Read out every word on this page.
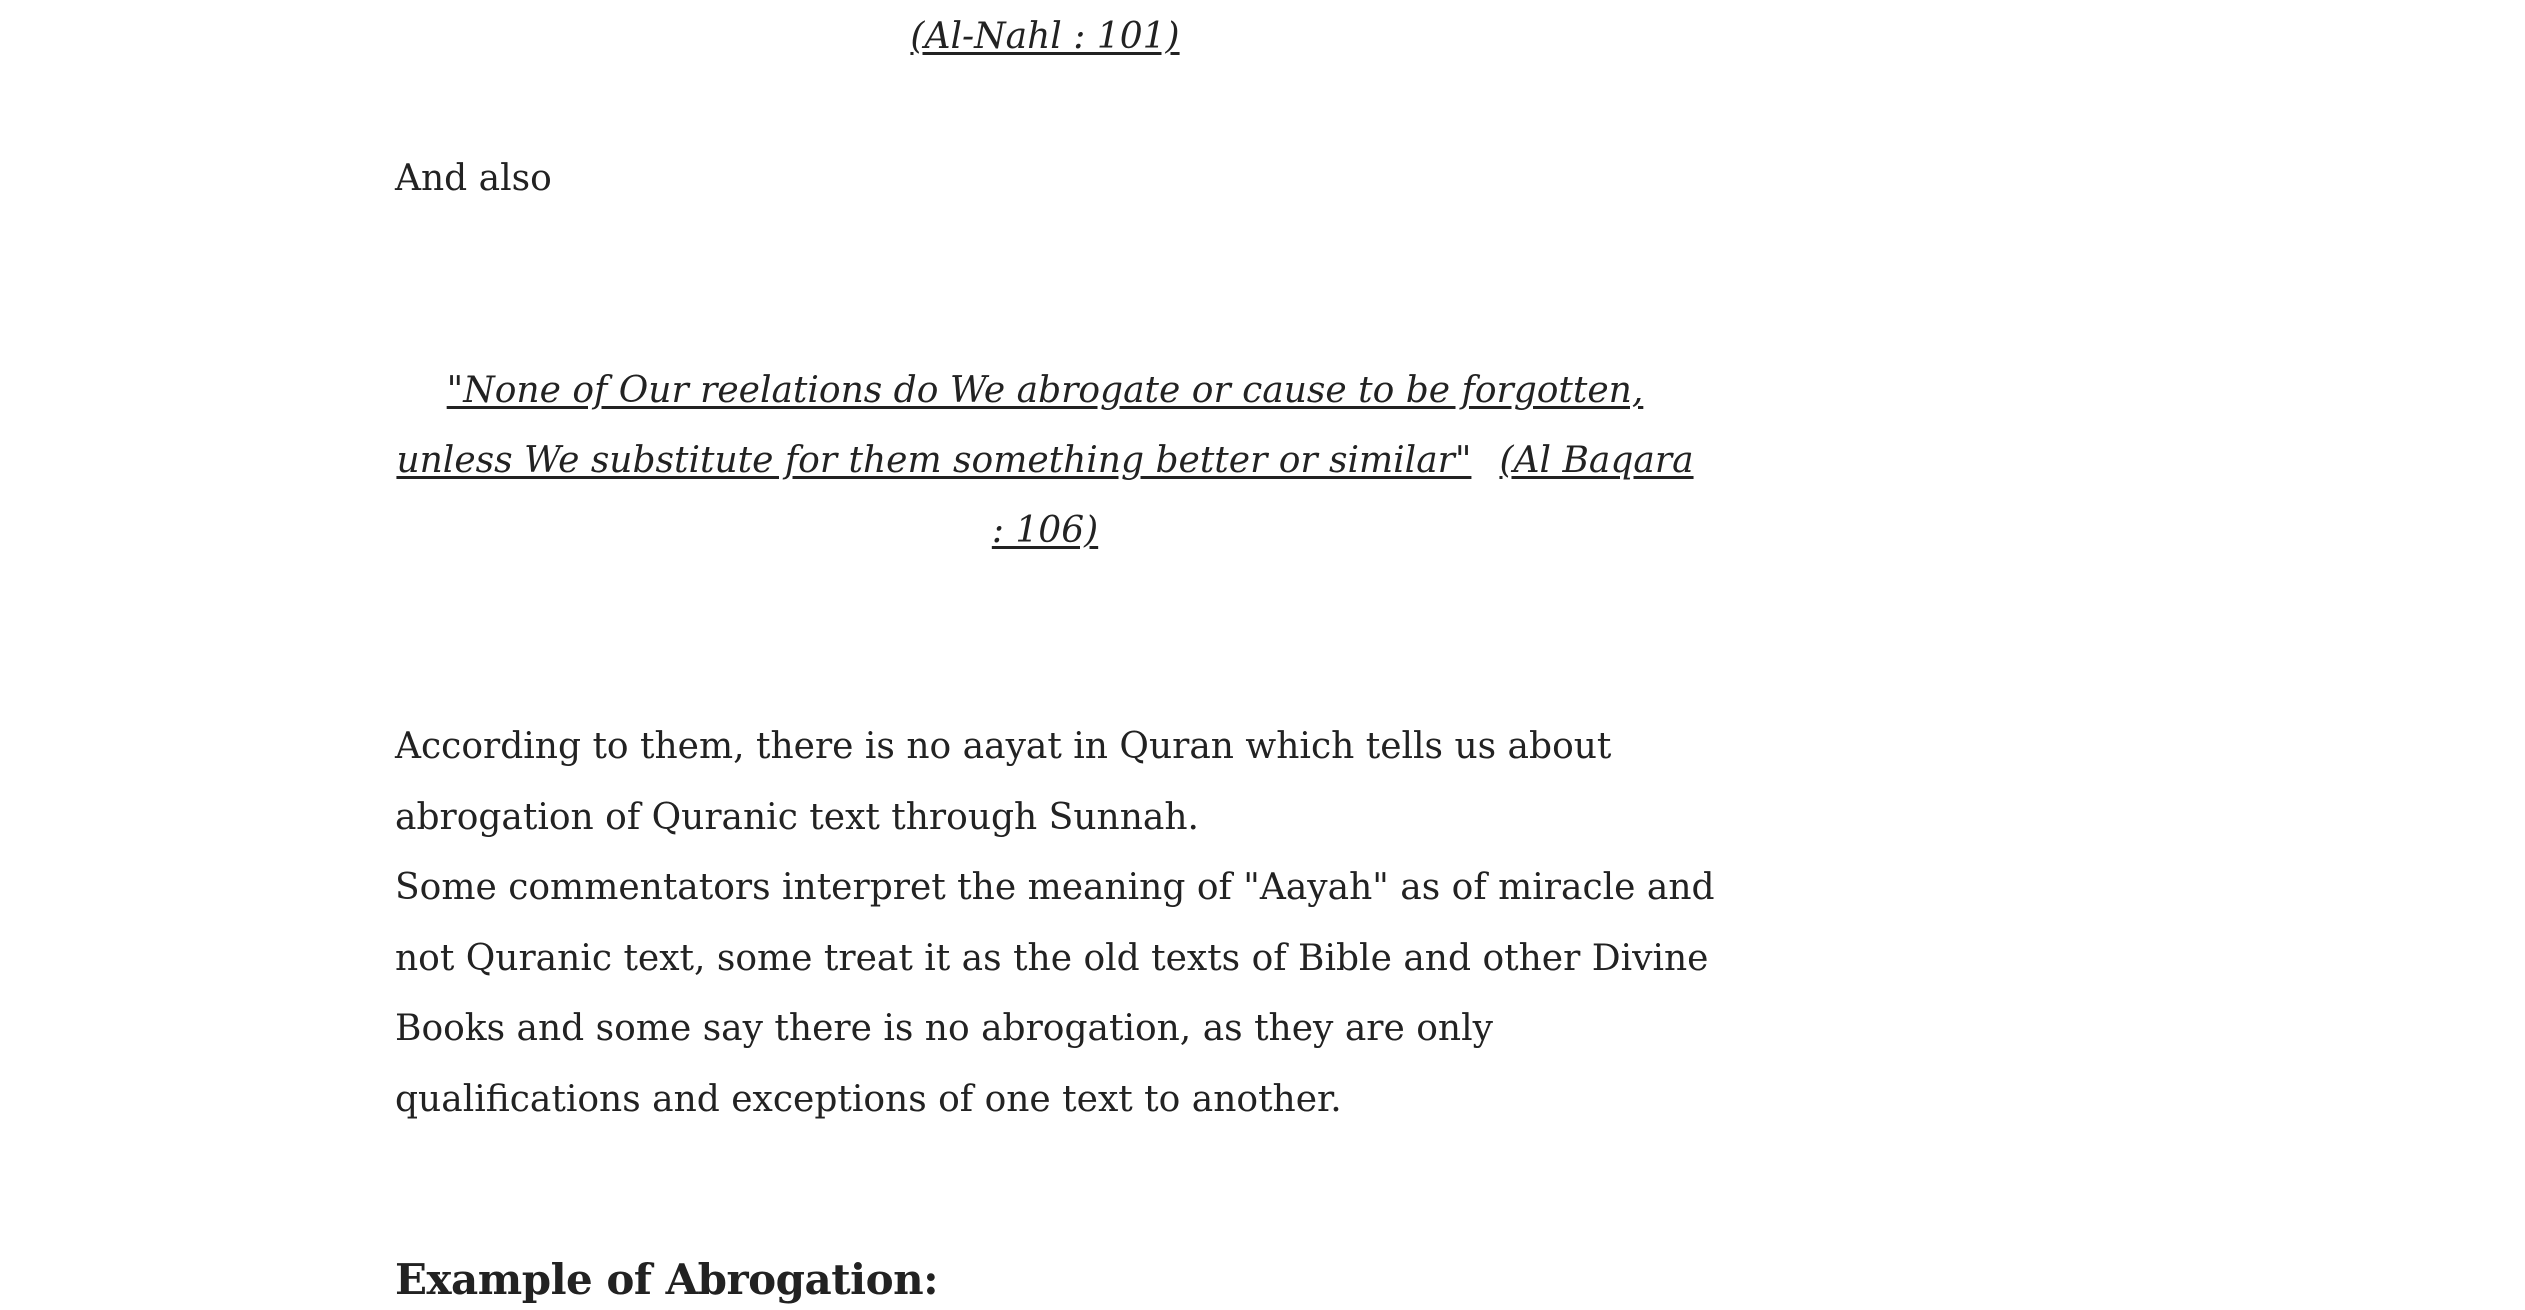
(Al-Nahl : 101)

And also

"None of Our reelations do We abrogate or cause to be forgotten, unless We substitute for them something better or similar" (Al Baqara : 106)

According to them, there is no aayat in Quran which tells us about abrogation of Quranic text through Sunnah.
Some commentators interpret the meaning of "Aayah" as of miracle and not Quranic text, some treat it as the old texts of Bible and other Divine Books and some say there is no abrogation, as they are only qualifications and exceptions of one text to another.

Example of Abrogation:
